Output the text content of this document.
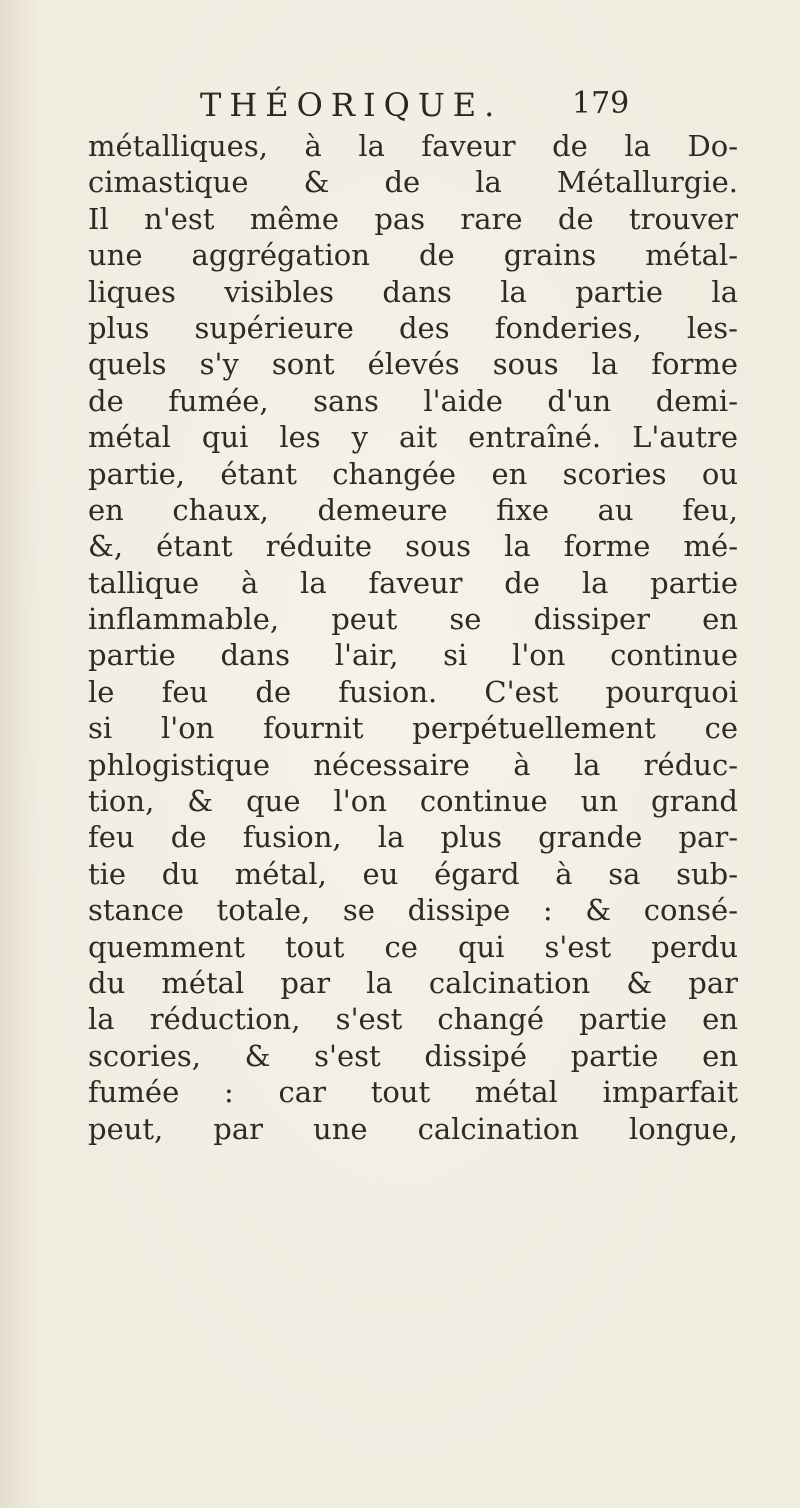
THÉORIQUE. 179
métalliques, à la faveur de la Do-
cimastique & de la Métallurgie.
Il n'est même pas rare de trouver
une aggrégation de grains métal-
liques visibles dans la partie la
plus supérieure des fonderies, les-
quels s'y sont élevés sous la forme
de fumée, sans l'aide d'un demi-
métal qui les y ait entraîné. L'autre
partie, étant changée en scories ou
en chaux, demeure fixe au feu,
&, étant réduite sous la forme mé-
tallique à la faveur de la partie
inflammable, peut se dissiper en
partie dans l'air, si l'on continue
le feu de fusion. C'est pourquoi
si l'on fournit perpétuellement ce
phlogistique nécessaire à la réduc-
tion, & que l'on continue un grand
feu de fusion, la plus grande par-
tie du métal, eu égard à sa sub-
stance totale, se dissipe : & consé-
quemment tout ce qui s'est perdu
du métal par la calcination & par
la réduction, s'est changé partie en
scories, & s'est dissipé partie en
fumée : car tout métal imparfait
peut, par une calcination longue,
